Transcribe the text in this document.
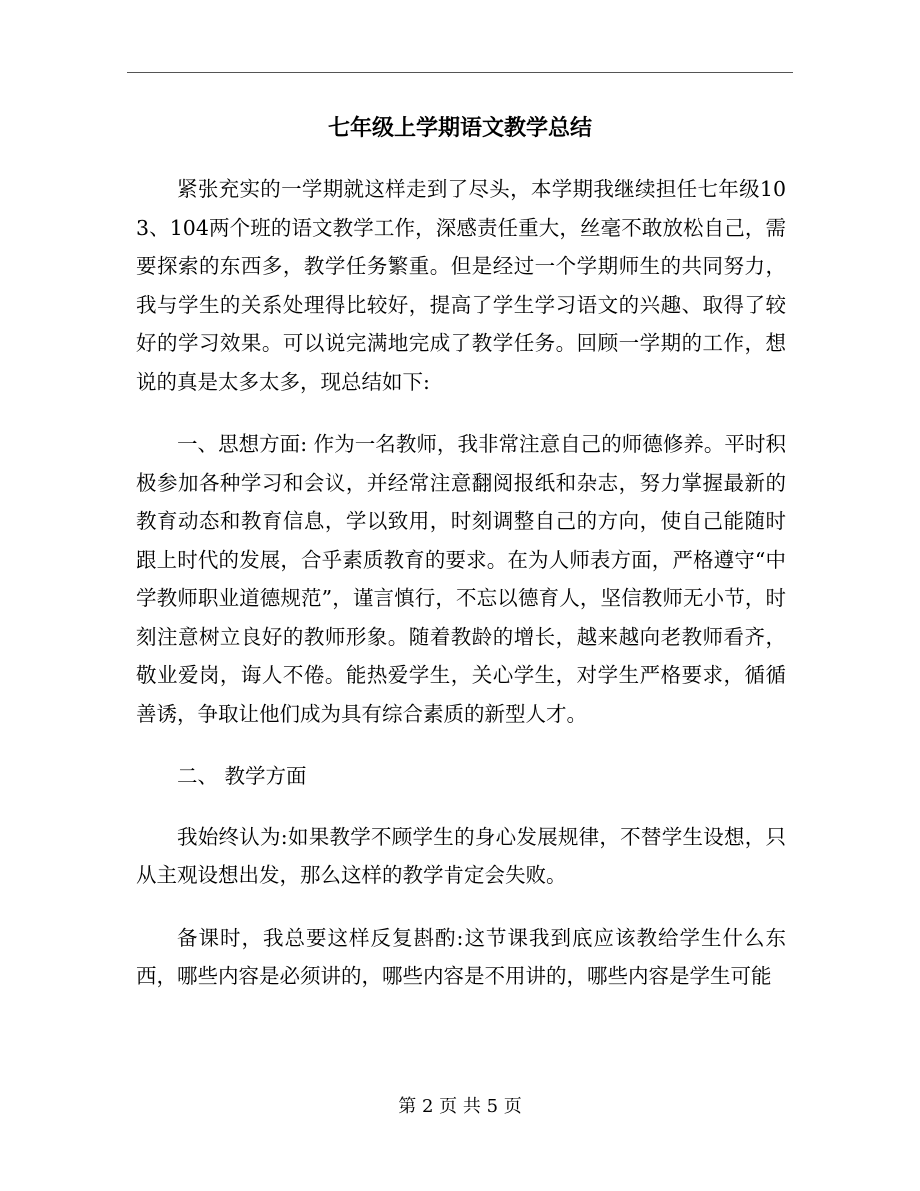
七年级上学期语文教学总结

紧张充实的一学期就这样走到了尽头，本学期我继续担任七年级103、104两个班的语文教学工作，深感责任重大，丝毫不敢放松自己，需要探索的东西多，教学任务繁重。但是经过一个学期师生的共同努力，我与学生的关系处理得比较好，提高了学生学习语文的兴趣、取得了较好的学习效果。可以说完满地完成了教学任务。回顾一学期的工作，想说的真是太多太多，现总结如下:

一、思想方面: 作为一名教师，我非常注意自己的师德修养。平时积极参加各种学习和会议，并经常注意翻阅报纸和杂志，努力掌握最新的教育动态和教育信息，学以致用，时刻调整自己的方向，使自己能随时跟上时代的发展，合乎素质教育的要求。在为人师表方面，严格遵守“中学教师职业道德规范”，谨言慎行，不忘以德育人，坚信教师无小节，时刻注意树立良好的教师形象。随着教龄的增长，越来越向老教师看齐，敬业爱岗，诲人不倦。能热爱学生，关心学生，对学生严格要求，循循善诱，争取让他们成为具有综合素质的新型人才。

二、 教学方面

我始终认为:如果教学不顾学生的身心发展规律，不替学生设想，只从主观设想出发，那么这样的教学肯定会失败。

备课时，我总要这样反复斟酌:这节课我到底应该教给学生什么东西，哪些内容是必须讲的，哪些内容是不用讲的，哪些内容是学生可能

第 2 页 共 5 页
